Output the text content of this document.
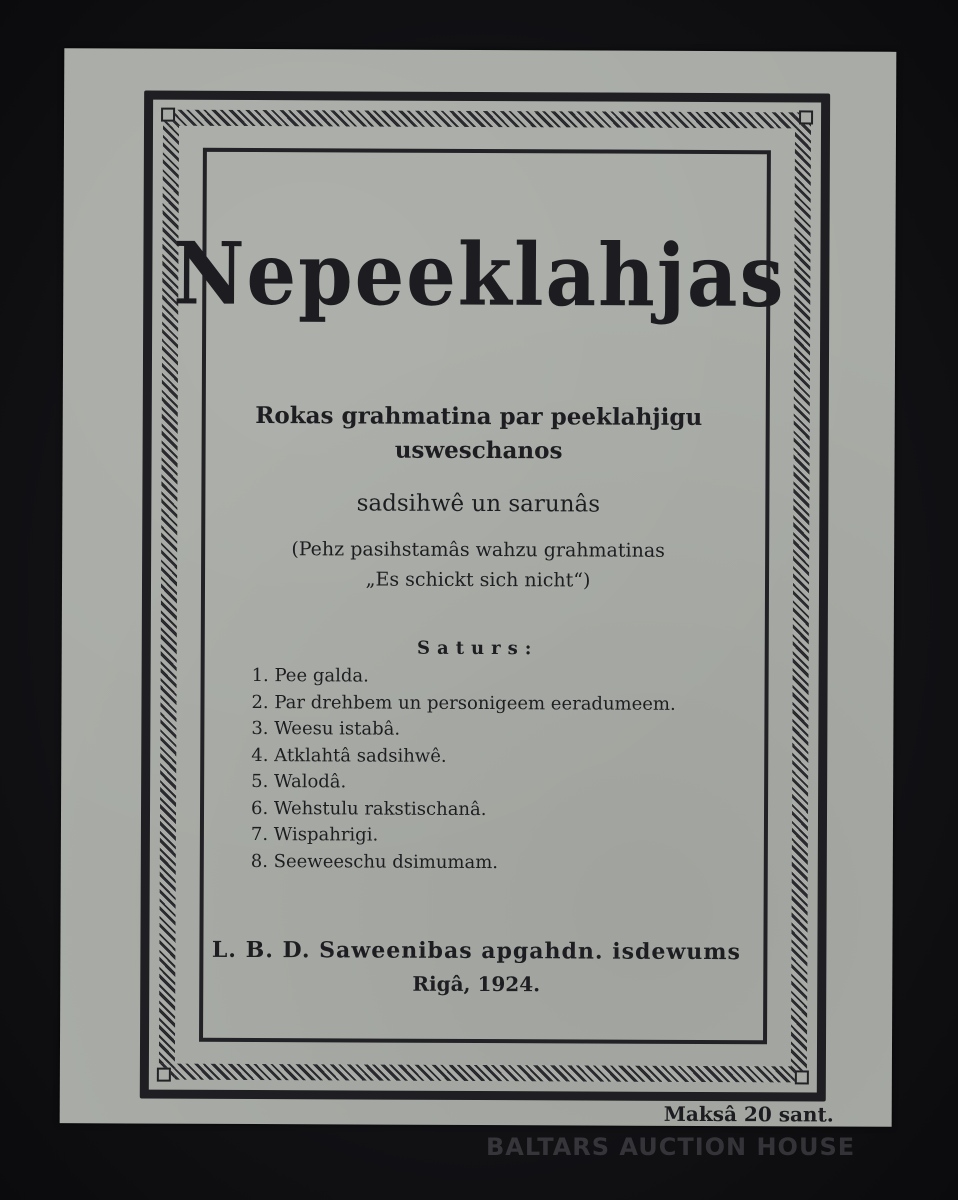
Nepeeklahjas
Rokas grahmatina par peeklahjigu
usweschanos
sadsihwê un sarunâs
(Pehz pasihstamâs wahzu grahmatinas
„Es schickt sich nicht“)
Saturs:
1. Pee galda.
2. Par drehbem un personigeem eeradumeem.
3. Weesu istabâ.
4. Atklahtâ sadsihwê.
5. Walodâ.
6. Wehstulu rakstischanâ.
7. Wispahrigi.
8. Seeweeschu dsimumam.
L. B. D. Saweenibas apgahdn. isdewums
Rigâ, 1924.
Maksâ 20 sant.
BALTARS AUCTION HOUSE
